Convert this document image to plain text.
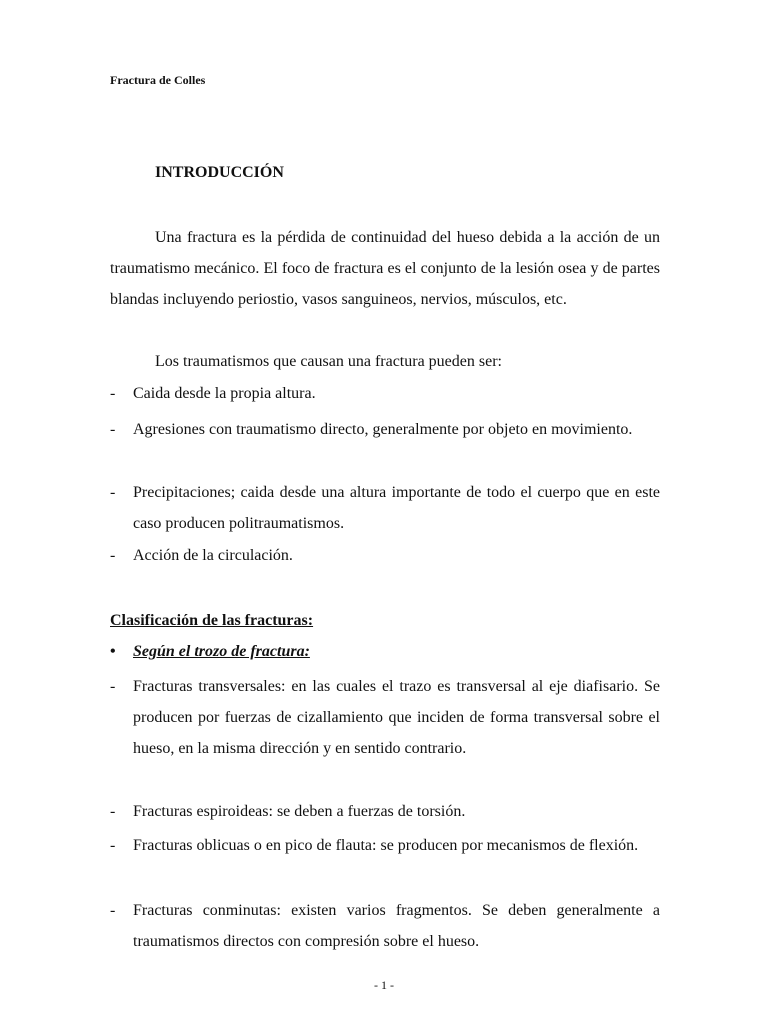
Fractura de Colles
INTRODUCCIÓN
Una fractura es la pérdida de continuidad del hueso debida a la acción de un traumatismo mecánico. El foco de fractura es el conjunto de la lesión osea y de partes blandas incluyendo periostio, vasos sanguineos, nervios, músculos, etc.
Los traumatismos que causan una fractura pueden ser:
-	Caida desde la propia altura.
-	Agresiones con traumatismo directo, generalmente por objeto en movimiento.
-	Precipitaciones; caida desde una altura importante de todo el cuerpo que en este caso producen politraumatismos.
-	Acción de la circulación.
Clasificación de las fracturas:
•	Según el trozo de fractura:
-	Fracturas transversales: en las cuales el trazo es transversal al eje diafisario. Se producen por fuerzas de cizallamiento que inciden de forma transversal sobre el hueso, en la misma dirección y en sentido contrario.
-	Fracturas espiroideas: se deben a fuerzas de torsión.
-	Fracturas oblicuas o en pico de flauta: se producen por mecanismos de flexión.
-	Fracturas conminutas: existen varios fragmentos. Se deben generalmente a traumatismos directos con compresión sobre el hueso.
- 1 -
